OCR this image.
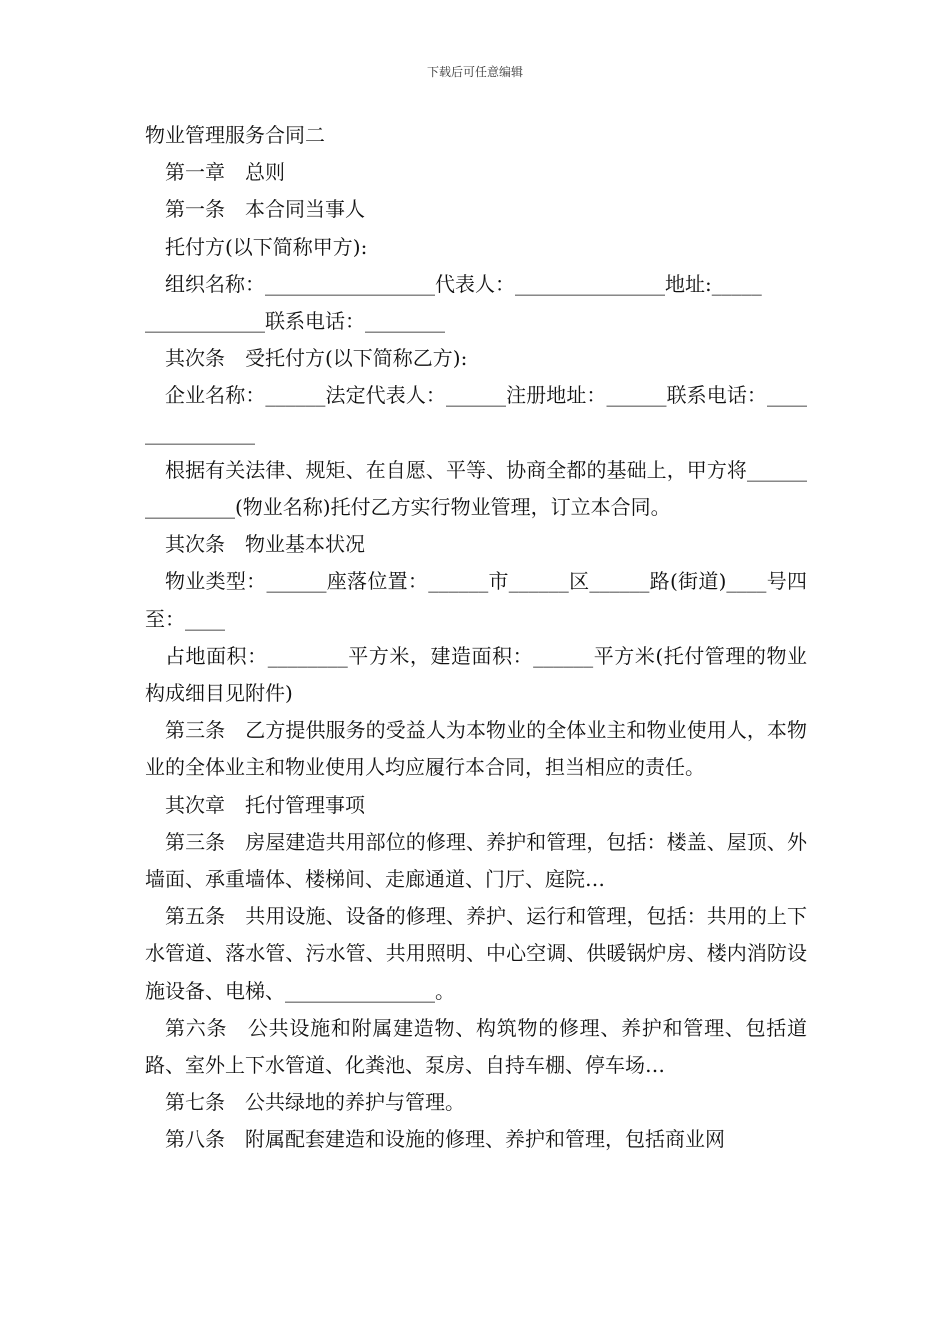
下载后可任意编辑

物业管理服务合同二

第一章　总则

第一条　本合同当事人

托付方(以下简称甲方):

组织名称：_________________代表人：_______________地址:_____

____________联系电话：________

其次条　受托付方(以下简称乙方):

企业名称：______法定代表人：______注册地址：______联系电话：_______________

根据有关法律、规矩、在自愿、平等、协商全都的基础上，甲方将_______________(物业名称)托付乙方实行物业管理，订立本合同。

其次条　物业基本状况

物业类型：______座落位置：______市______区______路(街道)____号四至：____

占地面积：________平方米，建造面积：______平方米(托付管理的物业构成细目见附件)

第三条　乙方提供服务的受益人为本物业的全体业主和物业使用人，本物业的全体业主和物业使用人均应履行本合同，担当相应的责任。

其次章　托付管理事项

第三条　房屋建造共用部位的修理、养护和管理，包括：楼盖、屋顶、外墙面、承重墙体、楼梯间、走廊通道、门厅、庭院…

第五条　共用设施、设备的修理、养护、运行和管理，包括：共用的上下水管道、落水管、污水管、共用照明、中心空调、供暖锅炉房、楼内消防设施设备、电梯、_______________。

第六条　公共设施和附属建造物、构筑物的修理、养护和管理、包括道路、室外上下水管道、化粪池、泵房、自持车棚、停车场…

第七条　公共绿地的养护与管理。

第八条　附属配套建造和设施的修理、养护和管理，包括商业网
